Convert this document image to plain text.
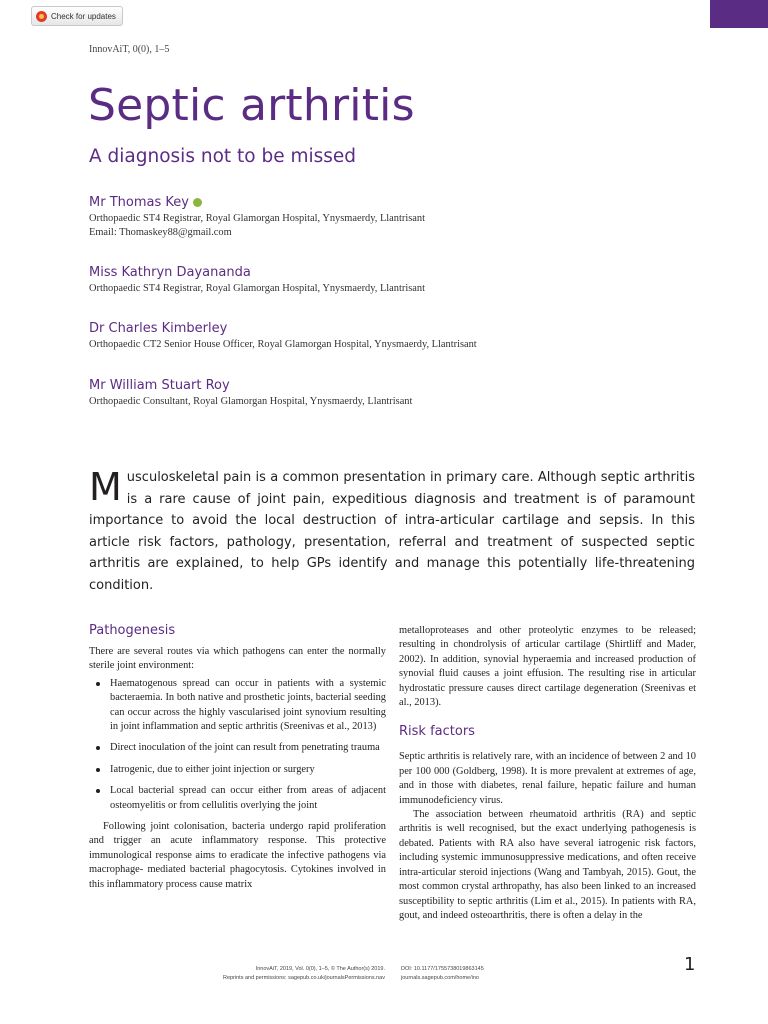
Check for updates
InnovAiT, 0(0), 1–5
Septic arthritis
A diagnosis not to be missed
Mr Thomas Key
Orthopaedic ST4 Registrar, Royal Glamorgan Hospital, Ynysmaerdy, Llantrisant
Email: Thomaskey88@gmail.com
Miss Kathryn Dayananda
Orthopaedic ST4 Registrar, Royal Glamorgan Hospital, Ynysmaerdy, Llantrisant
Dr Charles Kimberley
Orthopaedic CT2 Senior House Officer, Royal Glamorgan Hospital, Ynysmaerdy, Llantrisant
Mr William Stuart Roy
Orthopaedic Consultant, Royal Glamorgan Hospital, Ynysmaerdy, Llantrisant
Musculoskeletal pain is a common presentation in primary care. Although septic arthritis is a rare cause of joint pain, expeditious diagnosis and treatment is of paramount importance to avoid the local destruction of intra-articular cartilage and sepsis. In this article risk factors, pathology, presentation, referral and treatment of suspected septic arthritis are explained, to help GPs identify and manage this potentially life-threatening condition.
Pathogenesis

There are several routes via which pathogens can enter the normally sterile joint environment:

Haematogenous spread can occur in patients with a systemic bacteraemia. In both native and prosthetic joints, bacterial seeding can occur across the highly vascularised joint synovium resulting in joint inflammation and septic arthritis (Sreenivas et al., 2013)
Direct inoculation of the joint can result from penetrating trauma
Iatrogenic, due to either joint injection or surgery
Local bacterial spread can occur either from areas of adjacent osteomyelitis or from cellulitis overlying the joint

Following joint colonisation, bacteria undergo rapid proliferation and trigger an acute inflammatory response. This protective immunological response aims to eradicate the infective pathogens via macrophage- mediated bacterial phagocytosis. Cytokines involved in this inflammatory process cause matrix

metalloproteases and other proteolytic enzymes to be released; resulting in chondrolysis of articular cartilage (Shirtliff and Mader, 2002). In addition, synovial hyperaemia and increased production of synovial fluid causes a joint effusion. The resulting rise in articular hydrostatic pressure causes direct cartilage degeneration (Sreenivas et al., 2013).

Risk factors

Septic arthritis is relatively rare, with an incidence of between 2 and 10 per 100 000 (Goldberg, 1998). It is more prevalent at extremes of age, and in those with diabetes, renal failure, hepatic failure and human immunodeficiency virus.

The association between rheumatoid arthritis (RA) and septic arthritis is well recognised, but the exact underlying pathogenesis is debated. Patients with RA also have several iatrogenic risk factors, including systemic immunosuppressive medications, and often receive intra-articular steroid injections (Wang and Tambyah, 2015). Gout, the most common crystal arthropathy, has also been linked to an increased susceptibility to septic arthritis (Lim et al., 2015). In patients with RA, gout, and indeed osteoarthritis, there is often a delay in the

InnovAiT, 2019, Vol. 0(0), 1–5, © The Author(s) 2019.
Reprints and permissions: sagepub.co.uk/journalsPermissions.nav
DOI: 10.1177/1755738019863145
journals.sagepub.com/home/ino
1
